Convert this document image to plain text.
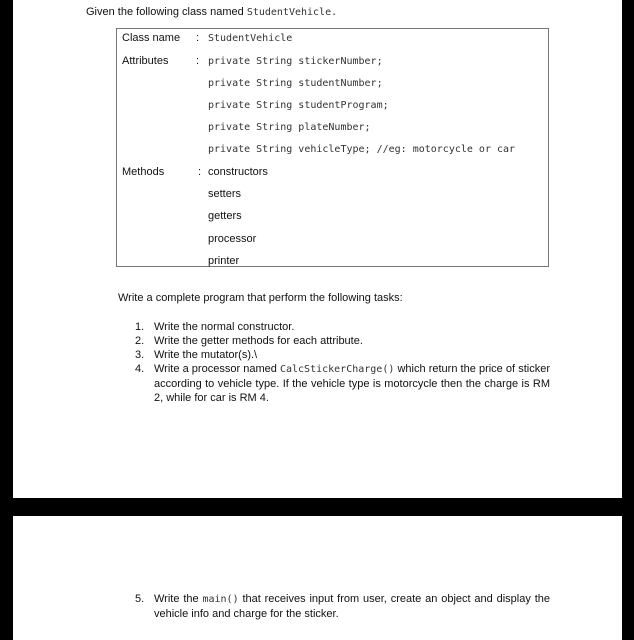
Given the following class named StudentVehicle.
Class name : StudentVehicle
Attributes	: private String stickerNumber;
private String studentNumber;
private String studentProgram;
private String plateNumber;
private String vehicleType; //eg: motorcycle or car
Methods	: constructors
setters
getters
processor
printer
Write a complete program that perform the following tasks:
1. Write the normal constructor.
2. Write the getter methods for each attribute.
3. Write the mutator(s).\
4. Write a processor named CalcStickerCharge() which return the price of sticker according to vehicle type. If the vehicle type is motorcycle then the charge is RM 2, while for car is RM 4.
5. Write the main() that receives input from user, create an object and display the vehicle info and charge for the sticker.
